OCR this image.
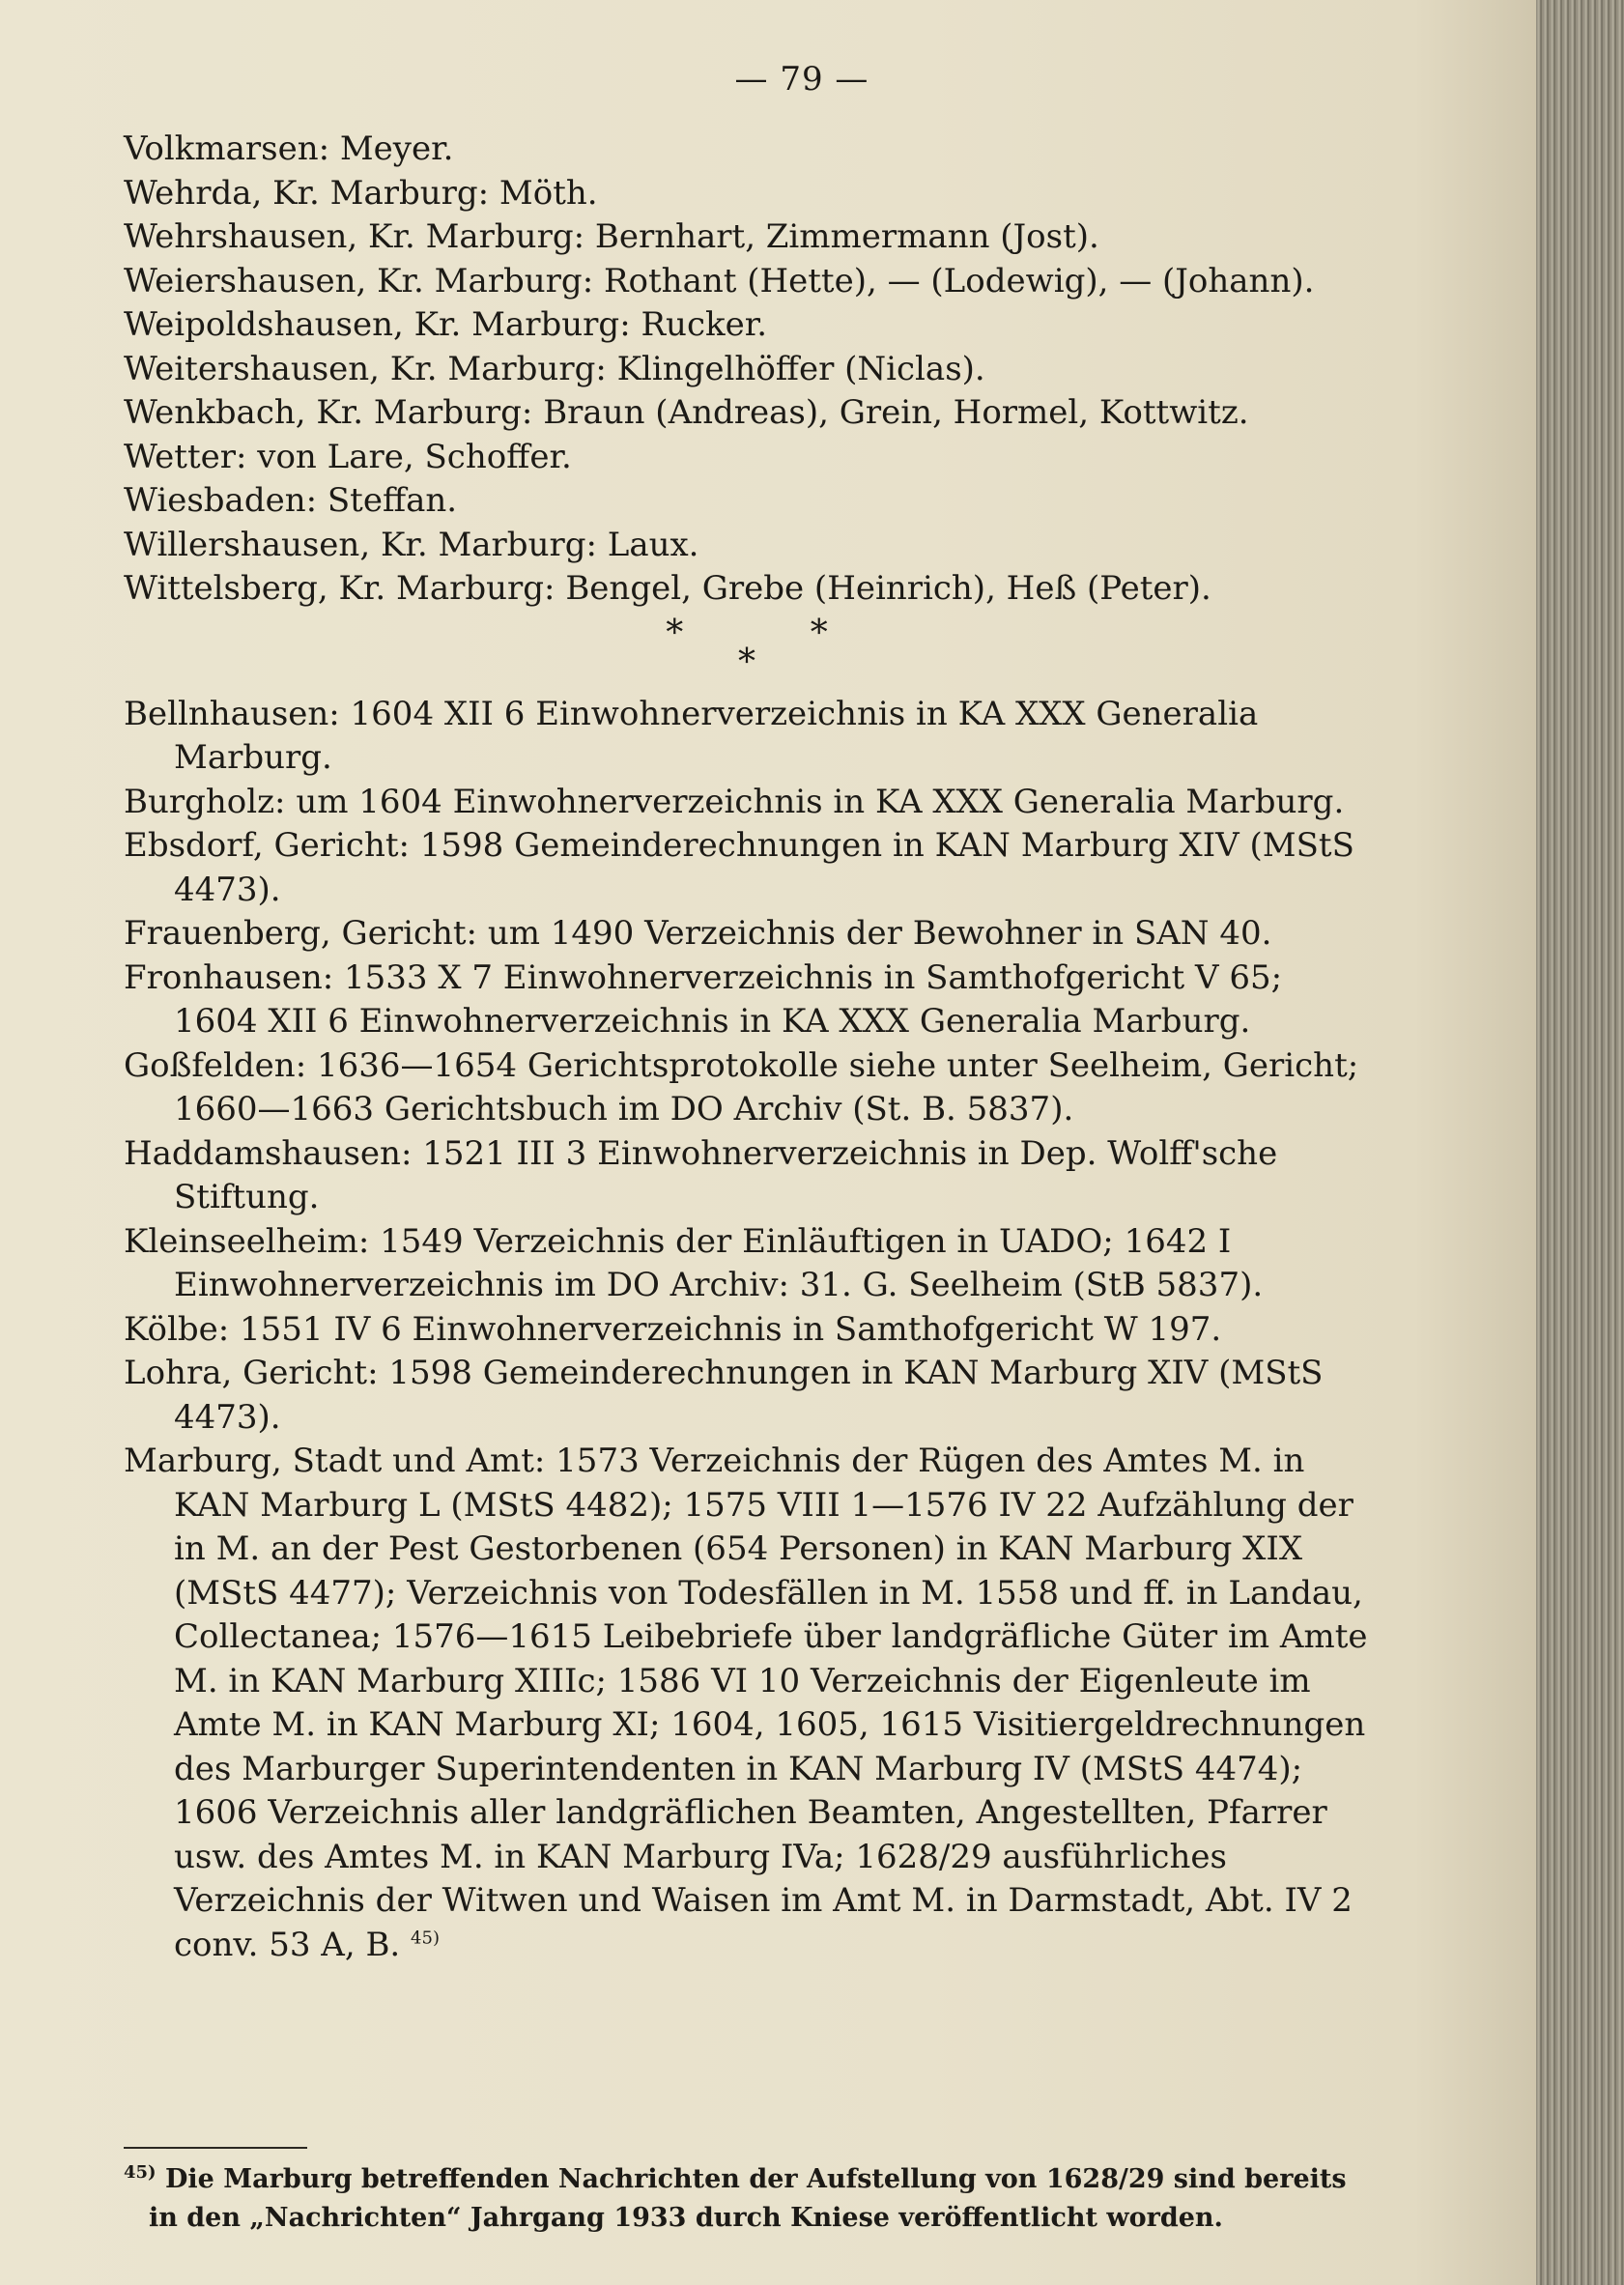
— 79 —

Volkmarsen: Meyer.

Wehrda, Kr. Marburg: Möth.

Wehrshausen, Kr. Marburg: Bernhart, Zimmermann (Jost).

Weiershausen, Kr. Marburg: Rothant (Hette), — (Lodewig), — (Johann).

Weipoldshausen, Kr. Marburg: Rucker.

Weitershausen, Kr. Marburg: Klingelhöffer (Niclas).

Wenkbach, Kr. Marburg: Braun (Andreas), Grein, Hormel, Kottwitz.

Wetter: von Lare, Schoffer.

Wiesbaden: Steffan.

Willershausen, Kr. Marburg: Laux.

Wittelsberg, Kr. Marburg: Bengel, Grebe (Heinrich), Heß (Peter).

* *
*

Bellnhausen: 1604 XII 6 Einwohnerverzeichnis in KA XXX Generalia Marburg.

Burgholz: um 1604 Einwohnerverzeichnis in KA XXX Generalia Marburg.

Ebsdorf, Gericht: 1598 Gemeinderechnungen in KAN Marburg XIV (MStS 4473).

Frauenberg, Gericht: um 1490 Verzeichnis der Bewohner in SAN 40.

Fronhausen: 1533 X 7 Einwohnerverzeichnis in Samthofgericht V 65; 1604 XII 6 Einwohnerverzeichnis in KA XXX Generalia Marburg.

Goßfelden: 1636—1654 Gerichtsprotokolle siehe unter Seelheim, Gericht; 1660—1663 Gerichtsbuch im DO Archiv (St. B. 5837).

Haddamshausen: 1521 III 3 Einwohnerverzeichnis in Dep. Wolff'sche Stiftung.

Kleinseelheim: 1549 Verzeichnis der Einläuftigen in UADO; 1642 I Einwohnerverzeichnis im DO Archiv: 31. G. Seelheim (StB 5837).

Kölbe: 1551 IV 6 Einwohnerverzeichnis in Samthofgericht W 197.

Lohra, Gericht: 1598 Gemeinderechnungen in KAN Marburg XIV (MStS 4473).

Marburg, Stadt und Amt: 1573 Verzeichnis der Rügen des Amtes M. in KAN Marburg L (MStS 4482); 1575 VIII 1—1576 IV 22 Aufzählung der in M. an der Pest Gestorbenen (654 Personen) in KAN Marburg XIX (MStS 4477); Verzeichnis von Todesfällen in M. 1558 und ff. in Landau, Collectanea; 1576—1615 Leibebriefe über landgräfliche Güter im Amte M. in KAN Marburg XIIIc; 1586 VI 10 Verzeichnis der Eigenleute im Amte M. in KAN Marburg XI; 1604, 1605, 1615 Visitiergeldrechnungen des Marburger Superintendenten in KAN Marburg IV (MStS 4474); 1606 Verzeichnis aller landgräflichen Beamten, Angestellten, Pfarrer usw. des Amtes M. in KAN Marburg IVa; 1628/29 ausführliches Verzeichnis der Witwen und Waisen im Amt M. in Darmstadt, Abt. IV 2 conv. 53 A, B. $^{45)}$

$^{45)}$ Die Marburg betreffenden Nachrichten der Aufstellung von 1628/29 sind bereits in den „Nachrichten“ Jahrgang 1933 durch Kniese veröffentlicht worden.
